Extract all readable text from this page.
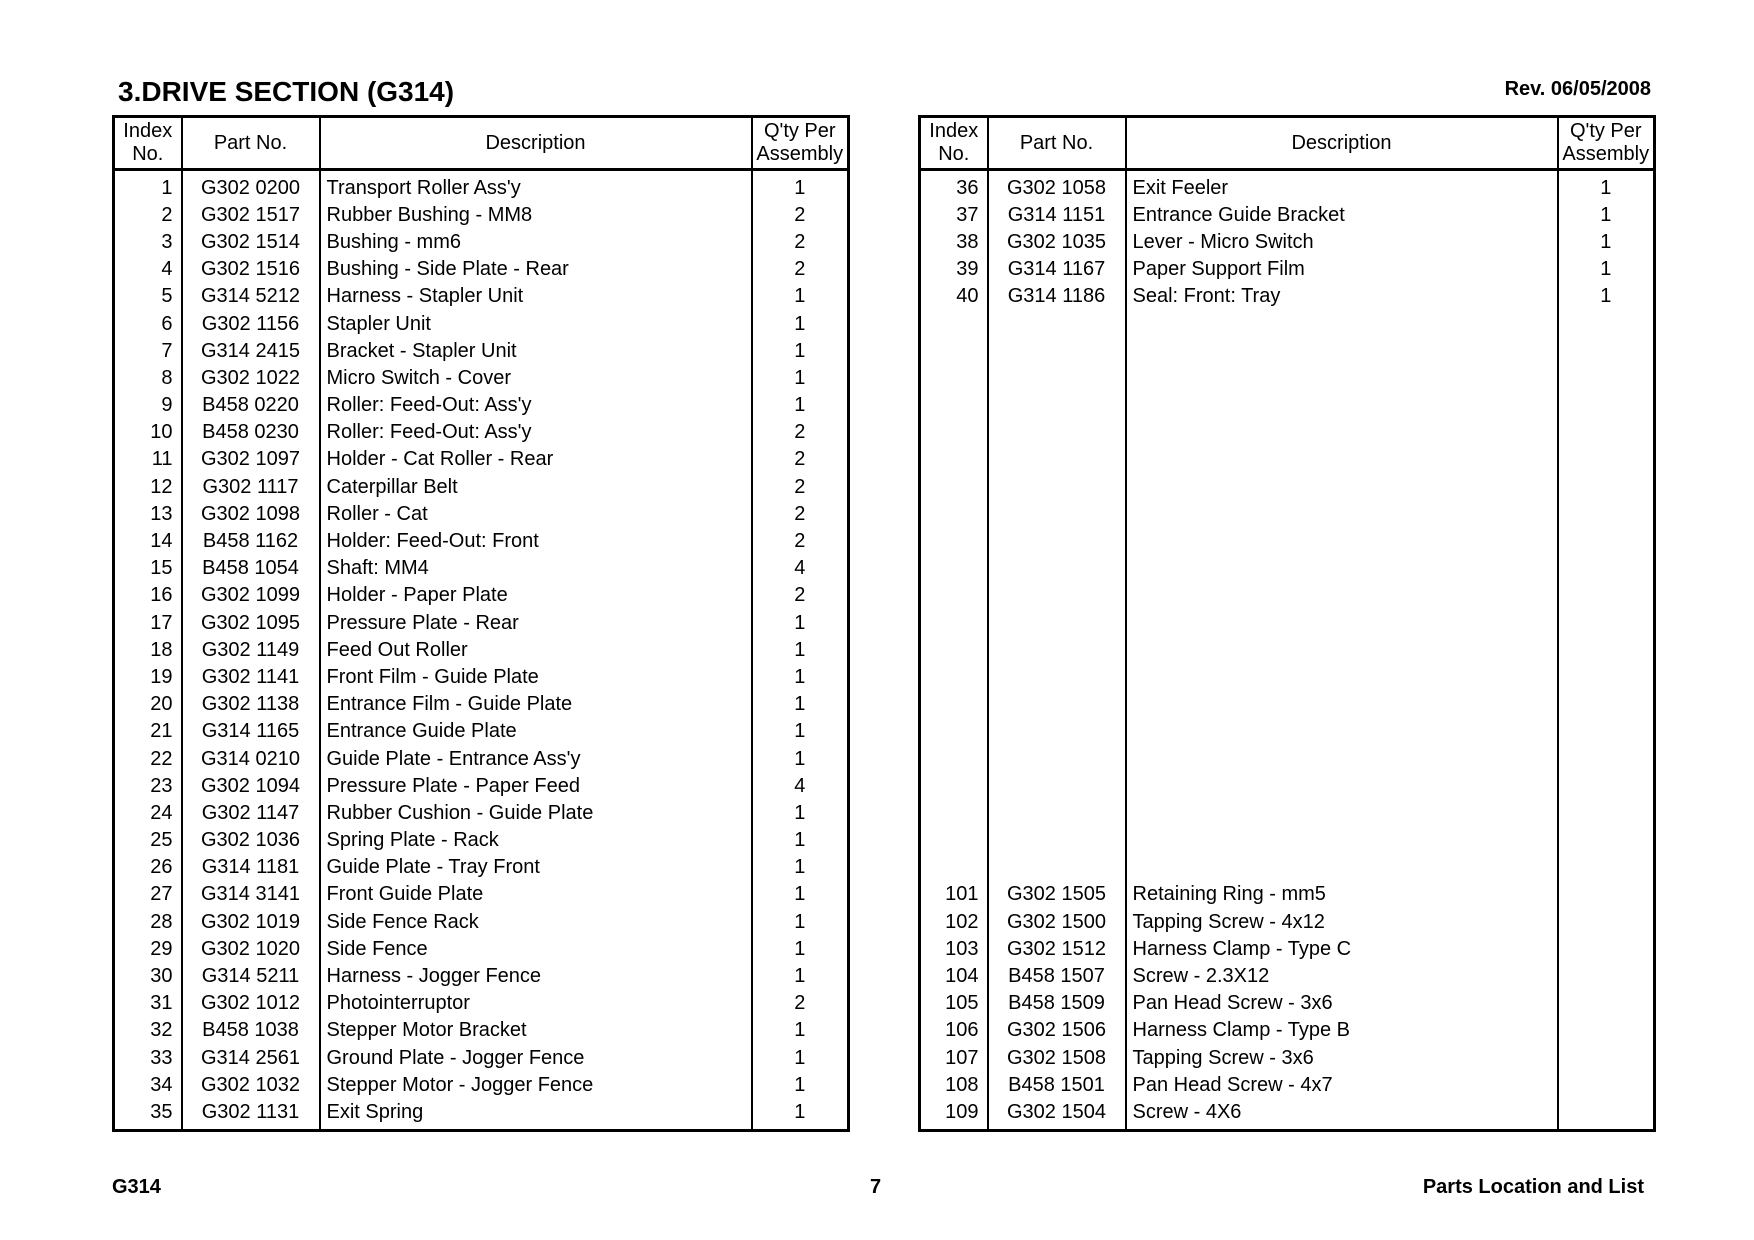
3.DRIVE SECTION (G314)	Rev. 06/05/2008
Index No.	Part No.	Description	Q'ty Per Assembly
1	G302 0200	Transport Roller Ass'y	1
2	G302 1517	Rubber Bushing - MM8	2
3	G302 1514	Bushing - mm6	2
4	G302 1516	Bushing - Side Plate - Rear	2
5	G314 5212	Harness - Stapler Unit	1
6	G302 1156	Stapler Unit	1
7	G314 2415	Bracket - Stapler Unit	1
8	G302 1022	Micro Switch - Cover	1
9	B458 0220	Roller: Feed-Out: Ass'y	1
10	B458 0230	Roller: Feed-Out: Ass'y	2
11	G302 1097	Holder - Cat Roller - Rear	2
12	G302 1117	Caterpillar Belt	2
13	G302 1098	Roller - Cat	2
14	B458 1162	Holder: Feed-Out: Front	2
15	B458 1054	Shaft: MM4	4
16	G302 1099	Holder - Paper Plate	2
17	G302 1095	Pressure Plate - Rear	1
18	G302 1149	Feed Out Roller	1
19	G302 1141	Front Film - Guide Plate	1
20	G302 1138	Entrance Film - Guide Plate	1
21	G314 1165	Entrance Guide Plate	1
22	G314 0210	Guide Plate - Entrance Ass'y	1
23	G302 1094	Pressure Plate - Paper Feed	4
24	G302 1147	Rubber Cushion - Guide Plate	1
25	G302 1036	Spring Plate - Rack	1
26	G314 1181	Guide Plate - Tray Front	1
27	G314 3141	Front Guide Plate	1
28	G302 1019	Side Fence Rack	1
29	G302 1020	Side Fence	1
30	G314 5211	Harness - Jogger Fence	1
31	G302 1012	Photointerruptor	2
32	B458 1038	Stepper Motor Bracket	1
33	G314 2561	Ground Plate - Jogger Fence	1
34	G302 1032	Stepper Motor - Jogger Fence	1
35	G302 1131	Exit Spring	1
Index No.	Part No.	Description	Q'ty Per Assembly
36	G302 1058	Exit Feeler	1
37	G314 1151	Entrance Guide Bracket	1
38	G302 1035	Lever - Micro Switch	1
39	G314 1167	Paper Support Film	1
40	G314 1186	Seal: Front: Tray	1

101	G302 1505	Retaining Ring - mm5	
102	G302 1500	Tapping Screw - 4x12	
103	G302 1512	Harness Clamp - Type C	
104	B458 1507	Screw - 2.3X12	
105	B458 1509	Pan Head Screw - 3x6	
106	G302 1506	Harness Clamp - Type B	
107	G302 1508	Tapping Screw - 3x6	
108	B458 1501	Pan Head Screw - 4x7	
109	G302 1504	Screw - 4X6	
G314	7	Parts Location and List
